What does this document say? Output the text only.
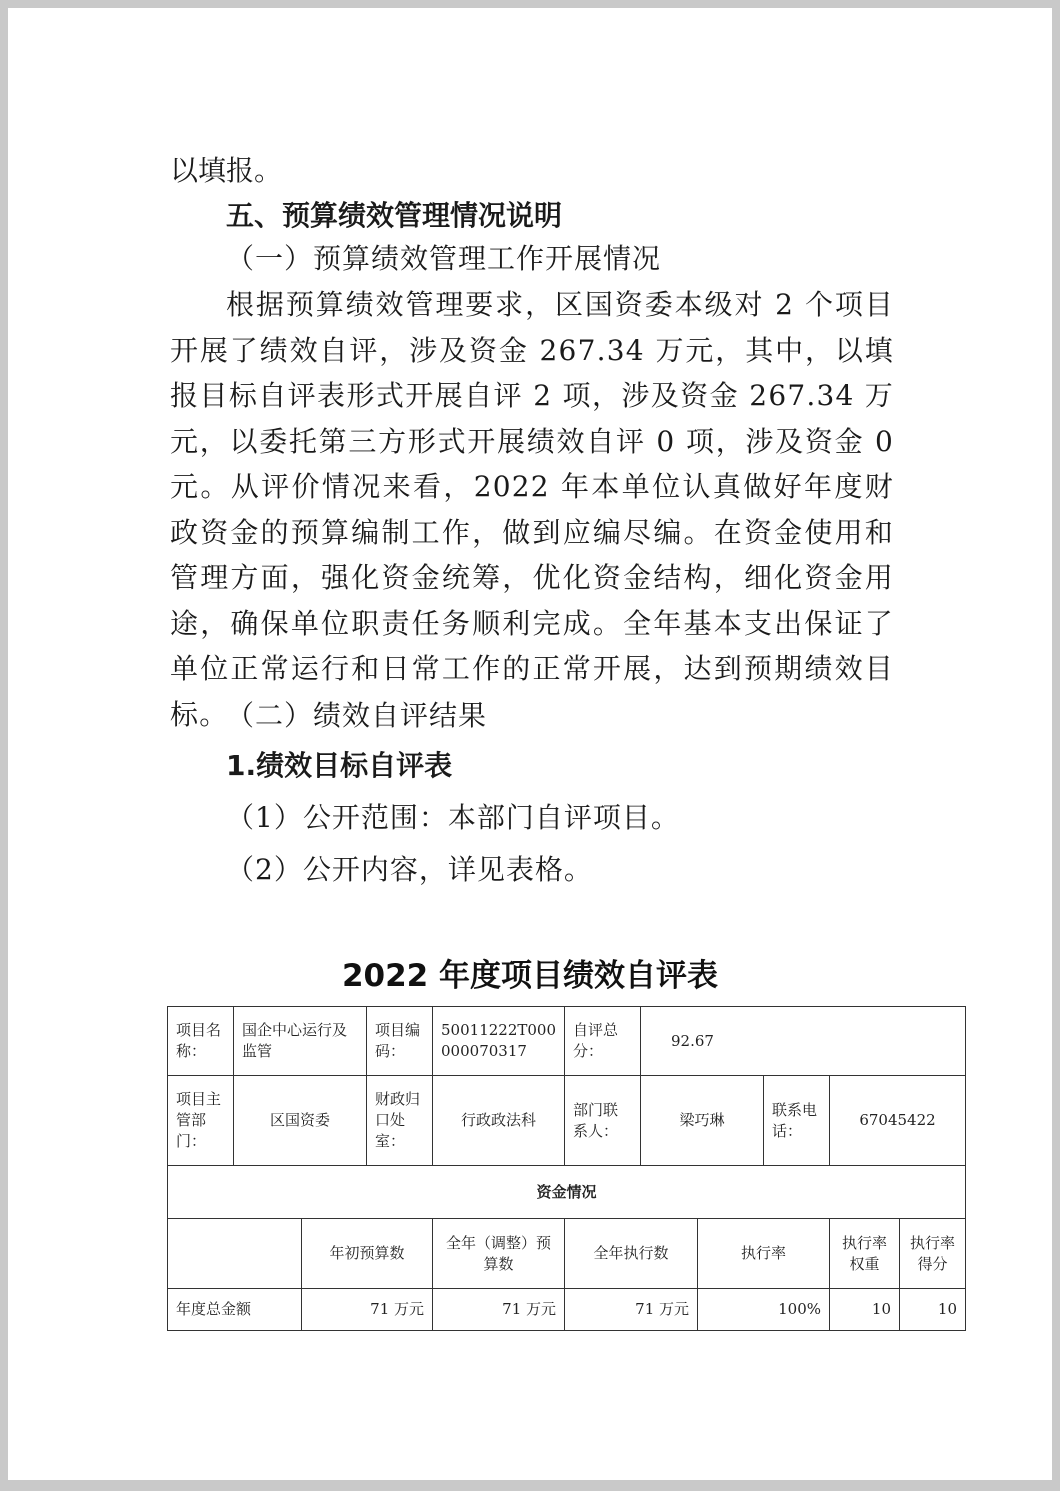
以填报。

五、预算绩效管理情况说明

（一）预算绩效管理工作开展情况

根据预算绩效管理要求，区国资委本级对 2 个项目开展了绩效自评，涉及资金 267.34 万元，其中，以填报目标自评表形式开展自评 2 项，涉及资金 267.34 万元，以委托第三方形式开展绩效自评 0 项，涉及资金 0 元。从评价情况来看，2022 年本单位认真做好年度财政资金的预算编制工作，做到应编尽编。在资金使用和管理方面，强化资金统筹，优化资金结构，细化资金用途，确保单位职责任务顺利完成。全年基本支出保证了单位正常运行和日常工作的正常开展，达到预期绩效目标。

（二）绩效自评结果

1.绩效目标自评表

（1）公开范围：本部门自评项目。

（2）公开内容，详见表格。

2022 年度项目绩效自评表

项目名称：	国企中心运行及监管		项目编码：	50011222T000000070317	自评总分：	92.67				
项目主管部门：	区国资委		财政归口处室：	行政政法科	部门联系人：	梁巧琳		联系电话：	67045422	
资金情况										
		年初预算数		全年（调整）预算数	全年执行数		执行率		执行率权重	执行率得分
年度总金额		71 万元		71 万元	71 万元		100%		10	10
